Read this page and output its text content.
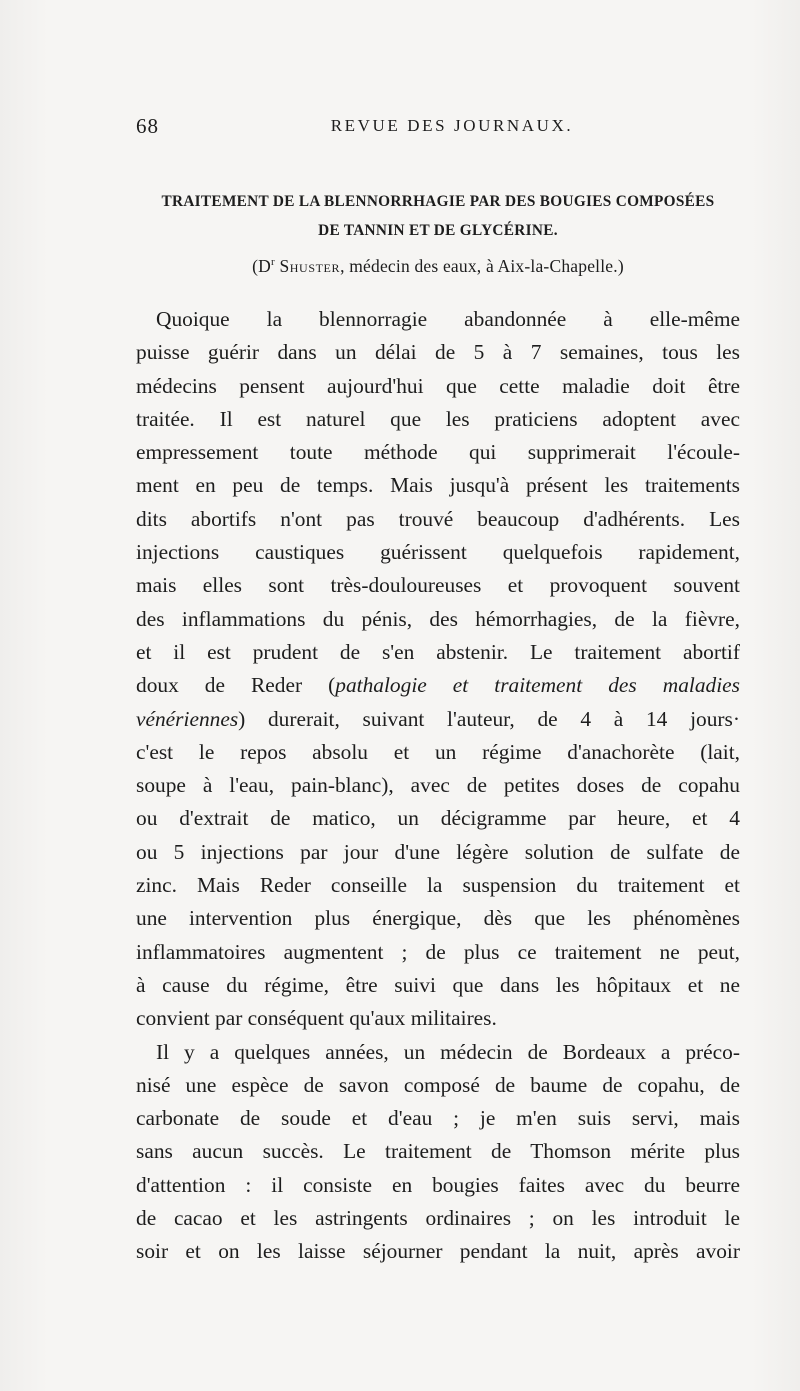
68	REVUE DES JOURNAUX.
TRAITEMENT DE LA BLENNORRHAGIE PAR DES BOUGIES COMPOSÉES
DE TANNIN ET DE GLYCÉRINE.
($D^r$ Shuster, médecin des eaux, à Aix-la-Chapelle.)
Quoique la blennorragie abandonnée à elle-même
puisse guérir dans un délai de 5 à 7 semaines, tous les
médecins pensent aujourd'hui que cette maladie doit être
traitée. Il est naturel que les praticiens adoptent avec
empressement toute méthode qui supprimerait l'écoule-
ment en peu de temps. Mais jusqu'à présent les traitements
dits abortifs n'ont pas trouvé beaucoup d'adhérents. Les
injections caustiques guérissent quelquefois rapidement,
mais elles sont très-douloureuses et provoquent souvent
des inflammations du pénis, des hémorrhagies, de la fièvre,
et il est prudent de s'en abstenir. Le traitement abortif
doux de Reder (pathalogie et traitement des maladies
vénériennes) durerait, suivant l'auteur, de 4 à 14 jours·
c'est le repos absolu et un régime d'anachorète (lait,
soupe à l'eau, pain-blanc), avec de petites doses de copahu
ou d'extrait de matico, un décigramme par heure, et 4
ou 5 injections par jour d'une légère solution de sulfate de
zinc. Mais Reder conseille la suspension du traitement et
une intervention plus énergique, dès que les phénomènes
inflammatoires augmentent ; de plus ce traitement ne peut,
à cause du régime, être suivi que dans les hôpitaux et ne
convient par conséquent qu'aux militaires.
Il y a quelques années, un médecin de Bordeaux a préco-
nisé une espèce de savon composé de baume de copahu, de
carbonate de soude et d'eau ; je m'en suis servi, mais
sans aucun succès. Le traitement de Thomson mérite plus
d'attention : il consiste en bougies faites avec du beurre
de cacao et les astringents ordinaires ; on les introduit le
soir et on les laisse séjourner pendant la nuit, après avoir
